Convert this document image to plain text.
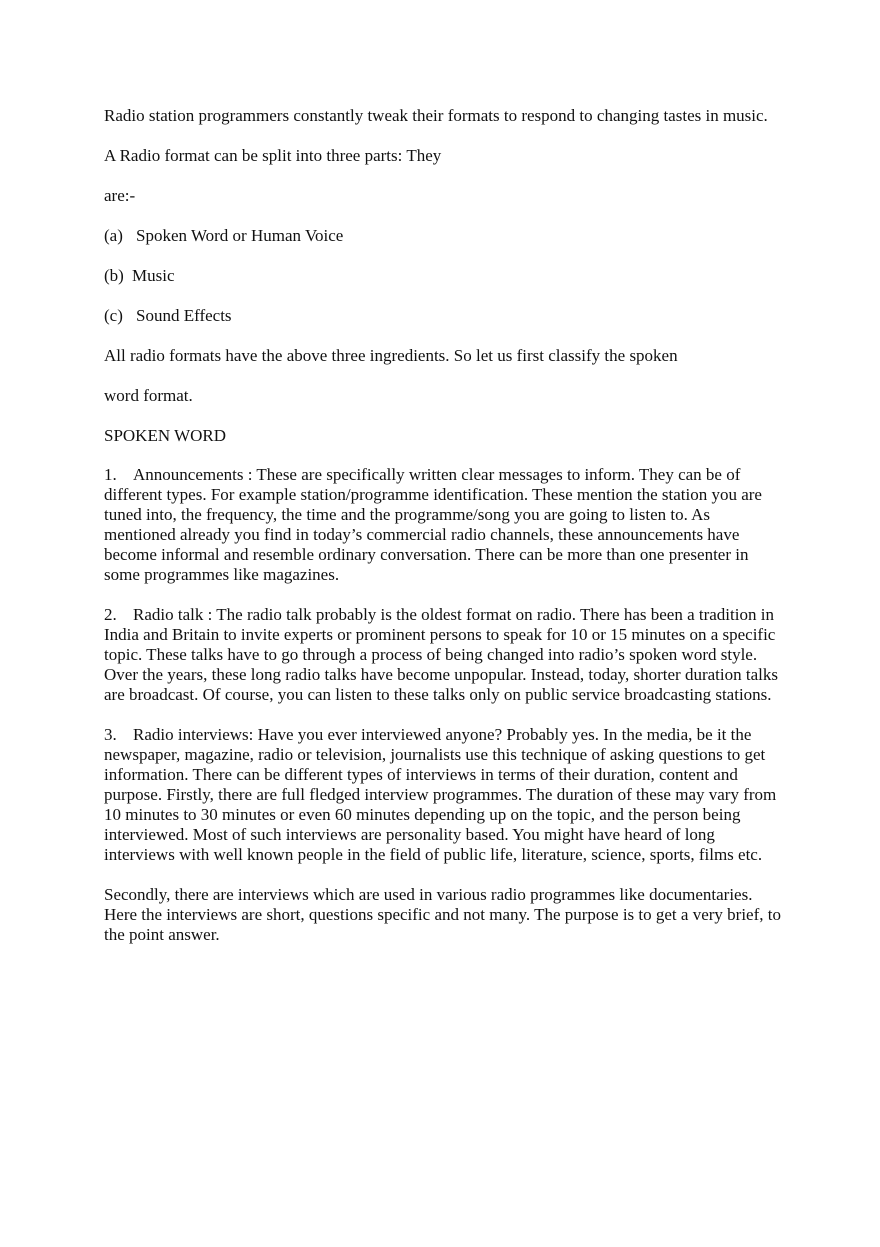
Radio station programmers constantly tweak their formats to respond to changing tastes in music.

A Radio format can be split into three parts: They

are:-

(a) Spoken Word or Human Voice

(b) Music

(c) Sound Effects

All radio formats have the above three ingredients. So let us first classify the spoken

word format.

SPOKEN WORD

1. Announcements : These are specifically written clear messages to inform. They can be of different types. For example station/programme identification. These mention the station you are tuned into, the frequency, the time and the programme/song you are going to listen to. As mentioned already you find in today’s commercial radio channels, these announcements have become informal and resemble ordinary conversation. There can be more than one presenter in some programmes like magazines.

2. Radio talk : The radio talk probably is the oldest format on radio. There has been a tradition in India and Britain to invite experts or prominent persons to speak for 10 or 15 minutes on a specific topic. These talks have to go through a process of being changed into radio’s spoken word style. Over the years, these long radio talks have become unpopular. Instead, today, shorter duration talks are broadcast. Of course, you can listen to these talks only on public service broadcasting stations.

3. Radio interviews: Have you ever interviewed anyone? Probably yes. In the media, be it the newspaper, magazine, radio or television, journalists use this technique of asking questions to get information. There can be different types of interviews in terms of their duration, content and purpose. Firstly, there are full fledged interview programmes. The duration of these may vary from 10 minutes to 30 minutes or even 60 minutes depending up on the topic, and the person being interviewed. Most of such interviews are personality based. You might have heard of long interviews with well known people in the field of public life, literature, science, sports, films etc.

Secondly, there are interviews which are used in various radio programmes like documentaries. Here the interviews are short, questions specific and not many. The purpose is to get a very brief, to the point answer.
